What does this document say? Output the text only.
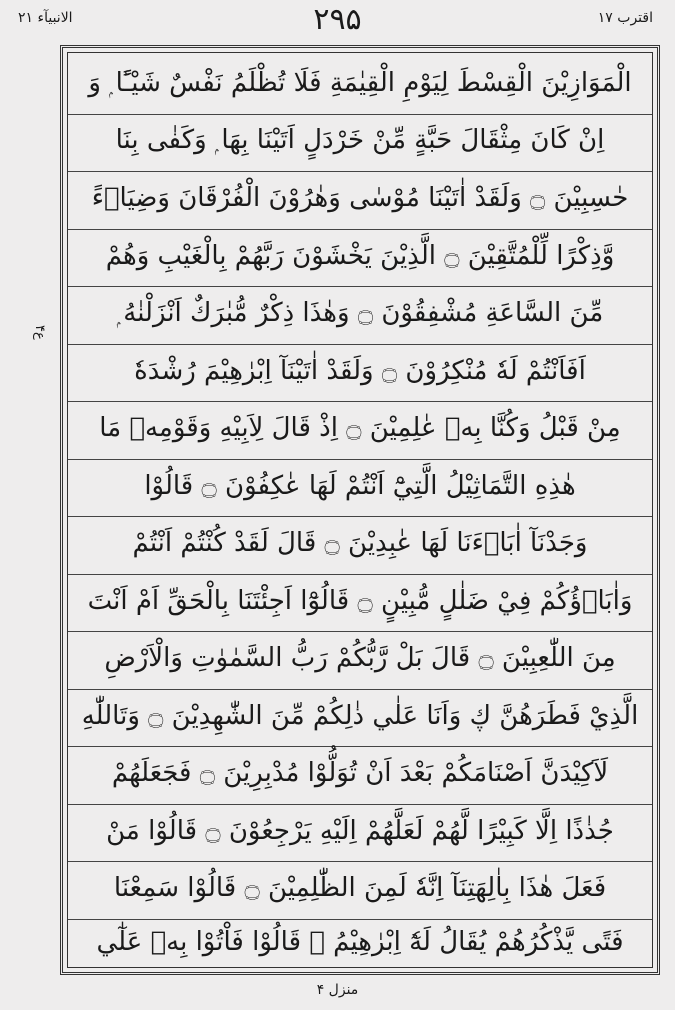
الانبیآء ۲۱	۲۹۵	اقترب ۱۷
ع۴
الْمَوَازِيْنَ الْقِسْطَ لِيَوْمِ الْقِيٰمَةِ فَلَا تُظْلَمُ نَفْسٌ شَيْـًٔا ۭ وَ
اِنْ كَانَ مِثْقَالَ حَبَّةٍ مِّنْ خَرْدَلٍ اَتَيْنَا بِهَا ۭ وَكَفٰى بِنَا
حٰسِبِيْنَ ۝ وَلَقَدْ اٰتَيْنَا مُوْسٰى وَهٰرُوْنَ الْفُرْقَانَ وَضِيَاۗءً
وَّذِكْرًا لِّلْمُتَّقِيْنَ ۝ الَّذِيْنَ يَخْشَوْنَ رَبَّهُمْ بِالْغَيْبِ وَهُمْ
مِّنَ السَّاعَةِ مُشْفِقُوْنَ ۝ وَهٰذَا ذِكْرٌ مُّبٰرَكٌ اَنْزَلْنٰهُ ۭ
اَفَاَنْتُمْ لَهٗ مُنْكِرُوْنَ ۝ وَلَقَدْ اٰتَيْنَآ اِبْرٰهِيْمَ رُشْدَهٗ
مِنْ قَبْلُ وَكُنَّا بِهٖ عٰلِمِيْنَ ۝ اِذْ قَالَ لِاَبِيْهِ وَقَوْمِهٖ مَا
هٰذِهِ التَّمَاثِيْلُ الَّتِيْٓ اَنْتُمْ لَهَا عٰكِفُوْنَ ۝ قَالُوْا
وَجَدْنَآ اٰبَاۗءَنَا لَهَا عٰبِدِيْنَ ۝ قَالَ لَقَدْ كُنْتُمْ اَنْتُمْ
وَاٰبَاۗؤُكُمْ فِيْ ضَلٰلٍ مُّبِيْنٍ ۝ قَالُوْٓا اَجِئْتَنَا بِالْحَقِّ اَمْ اَنْتَ
مِنَ اللّٰعِبِيْنَ ۝ قَالَ بَلْ رَّبُّكُمْ رَبُّ السَّمٰوٰتِ وَالْاَرْضِ
الَّذِيْ فَطَرَهُنَّ ڮ وَاَنَا عَلٰي ذٰلِكُمْ مِّنَ الشّٰهِدِيْنَ ۝ وَتَاللّٰهِ
لَاَكِيْدَنَّ اَصْنَامَكُمْ بَعْدَ اَنْ تُوَلُّوْا مُدْبِرِيْنَ ۝ فَجَعَلَهُمْ
جُذٰذًا اِلَّا كَبِيْرًا لَّهُمْ لَعَلَّهُمْ اِلَيْهِ يَرْجِعُوْنَ ۝ قَالُوْا مَنْ
فَعَلَ هٰذَا بِاٰلِهَتِنَآ اِنَّهٗ لَمِنَ الظّٰلِمِيْنَ ۝ قَالُوْا سَمِعْنَا
فَتًى يَّذْكُرُهُمْ يُقَالُ لَهٗٓ اِبْرٰهِيْمُ ۭ قَالُوْا فَاْتُوْا بِهٖ عَلٰٓي
منزل ۴
